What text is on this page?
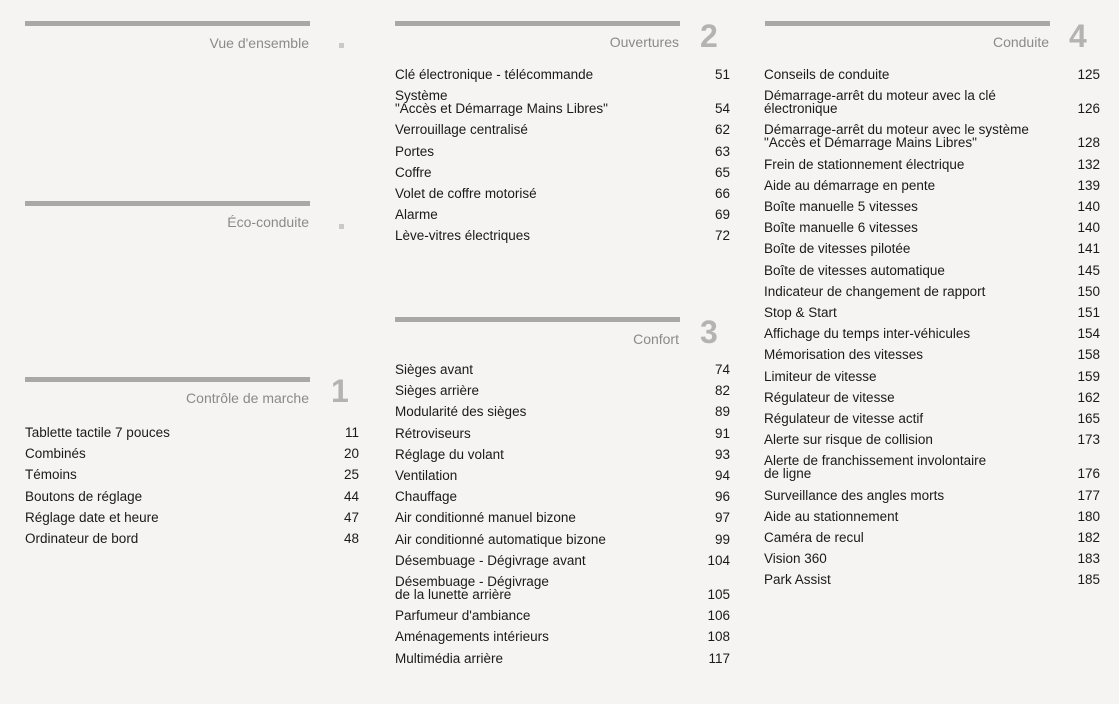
Vue d'ensemble
Éco-conduite
Contrôle de marche 1
Tablette tactile 7 pouces	11
Combinés	20
Témoins	25
Boutons de réglage	44
Réglage date et heure	47
Ordinateur de bord	48
Ouvertures 2
Clé électronique - télécommande	51
Système
"Accès et Démarrage Mains Libres"	54
Verrouillage centralisé	62
Portes	63
Coffre	65
Volet de coffre motorisé	66
Alarme	69
Lève-vitres électriques	72
Confort 3
Sièges avant	74
Sièges arrière	82
Modularité des sièges	89
Rétroviseurs	91
Réglage du volant	93
Ventilation	94
Chauffage	96
Air conditionné manuel bizone	97
Air conditionné automatique bizone	99
Désembuage - Dégivrage avant	104
Désembuage - Dégivrage
de la lunette arrière	105
Parfumeur d'ambiance	106
Aménagements intérieurs	108
Multimédia arrière	117
Conduite 4
Conseils de conduite	125
Démarrage-arrêt du moteur avec la clé
électronique	126
Démarrage-arrêt du moteur avec le système
"Accès et Démarrage Mains Libres"	128
Frein de stationnement électrique	132
Aide au démarrage en pente	139
Boîte manuelle 5 vitesses	140
Boîte manuelle 6 vitesses	140
Boîte de vitesses pilotée	141
Boîte de vitesses automatique	145
Indicateur de changement de rapport	150
Stop & Start	151
Affichage du temps inter-véhicules	154
Mémorisation des vitesses	158
Limiteur de vitesse	159
Régulateur de vitesse	162
Régulateur de vitesse actif	165
Alerte sur risque de collision	173
Alerte de franchissement involontaire
de ligne	176
Surveillance des angles morts	177
Aide au stationnement	180
Caméra de recul	182
Vision 360	183
Park Assist	185
